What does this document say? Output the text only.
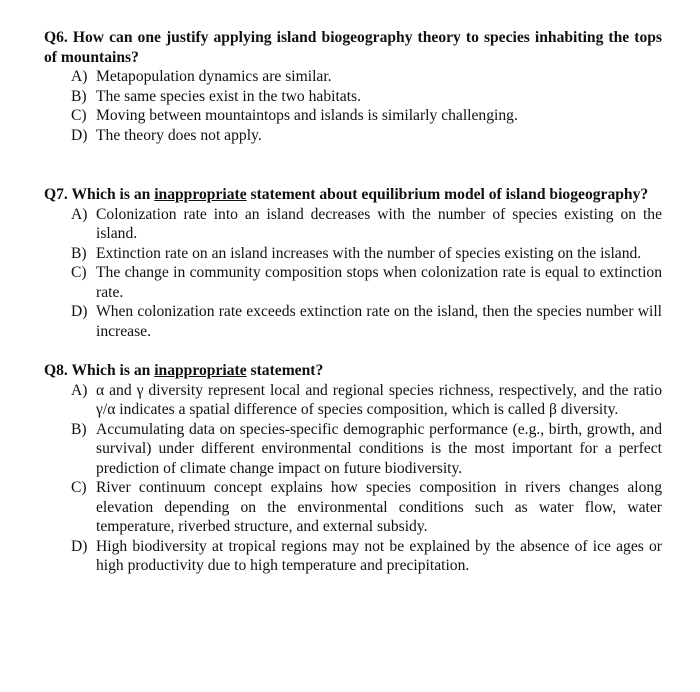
Q6. How can one justify applying island biogeography theory to species inhabiting the tops of mountains?

A) Metapopulation dynamics are similar.
B) The same species exist in the two habitats.
C) Moving between mountaintops and islands is similarly challenging.
D) The theory does not apply.

Q7. Which is an inappropriate statement about equilibrium model of island biogeography?

A) Colonization rate into an island decreases with the number of species existing on the island.
B) Extinction rate on an island increases with the number of species existing on the island.
C) The change in community composition stops when colonization rate is equal to extinction rate.
D) When colonization rate exceeds extinction rate on the island, then the species number will increase.

Q8. Which is an inappropriate statement?

A) α and γ diversity represent local and regional species richness, respectively, and the ratio γ/α indicates a spatial difference of species composition, which is called β diversity.
B) Accumulating data on species-specific demographic performance (e.g., birth, growth, and survival) under different environmental conditions is the most important for a perfect prediction of climate change impact on future biodiversity.
C) River continuum concept explains how species composition in rivers changes along elevation depending on the environmental conditions such as water flow, water temperature, riverbed structure, and external subsidy.
D) High biodiversity at tropical regions may not be explained by the absence of ice ages or high productivity due to high temperature and precipitation.
